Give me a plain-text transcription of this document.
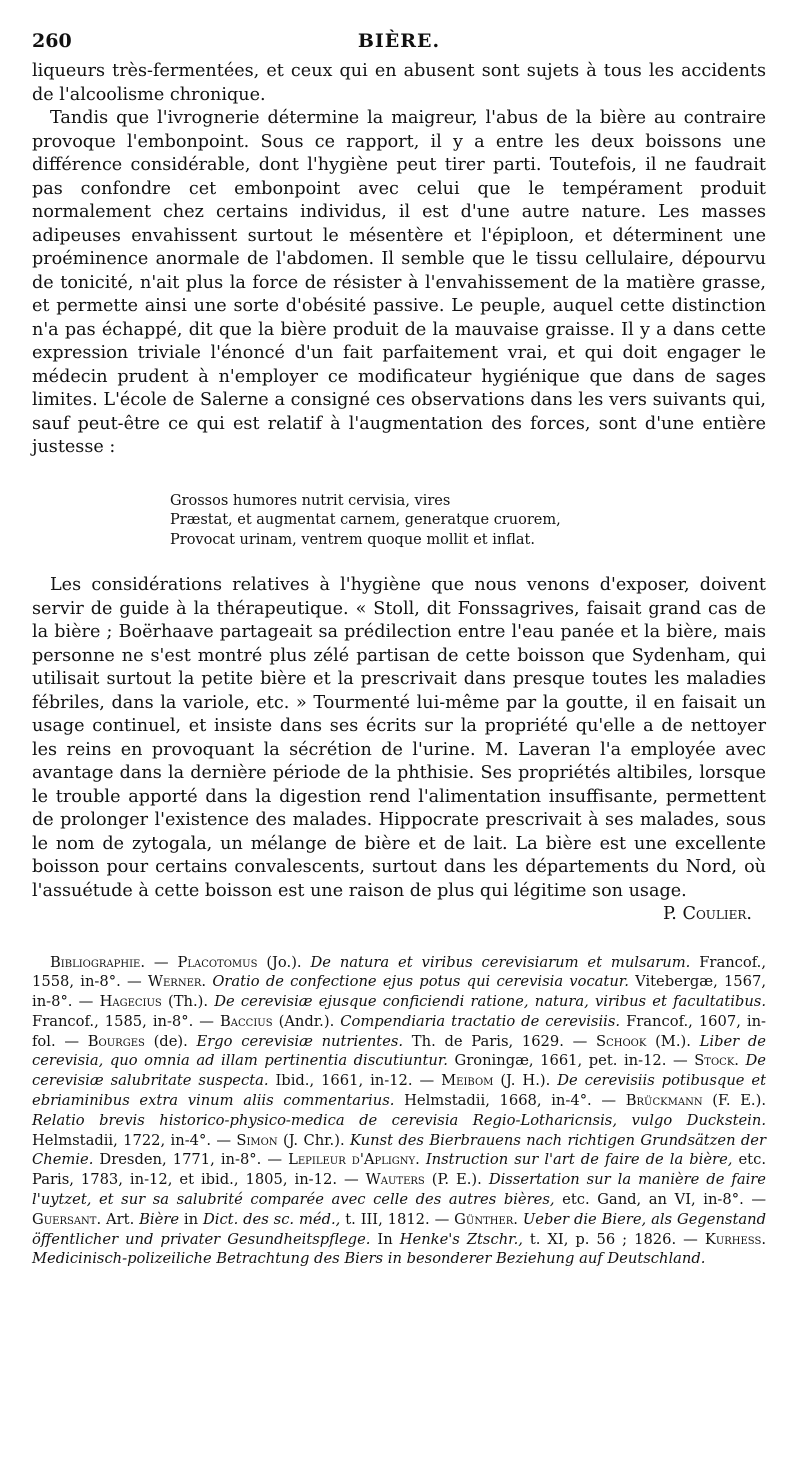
260	BIÈRE.

liqueurs très-fermentées, et ceux qui en abusent sont sujets à tous les accidents de l'alcoolisme chronique.

Tandis que l'ivrognerie détermine la maigreur, l'abus de la bière au contraire provoque l'embonpoint. Sous ce rapport, il y a entre les deux boissons une différence considérable, dont l'hygiène peut tirer parti. Toutefois, il ne faudrait pas confondre cet embonpoint avec celui que le tempérament produit normalement chez certains individus, il est d'une autre nature. Les masses adipeuses envahissent surtout le mésentère et l'épiploon, et déterminent une proéminence anormale de l'abdomen. Il semble que le tissu cellulaire, dépourvu de tonicité, n'ait plus la force de résister à l'envahissement de la matière grasse, et permette ainsi une sorte d'obésité passive. Le peuple, auquel cette distinction n'a pas échappé, dit que la bière produit de la mauvaise graisse. Il y a dans cette expression triviale l'énoncé d'un fait parfaitement vrai, et qui doit engager le médecin prudent à n'employer ce modificateur hygiénique que dans de sages limites. L'école de Salerne a consigné ces observations dans les vers suivants qui, sauf peut-être ce qui est relatif à l'augmentation des forces, sont d'une entière justesse :

Grossos humores nutrit cervisia, vires
Præstat, et augmentat carnem, generatque cruorem,
Provocat urinam, ventrem quoque mollit et inflat.

Les considérations relatives à l'hygiène que nous venons d'exposer, doivent servir de guide à la thérapeutique. « Stoll, dit Fonssagrives, faisait grand cas de la bière ; Boërhaave partageait sa prédilection entre l'eau panée et la bière, mais personne ne s'est montré plus zélé partisan de cette boisson que Sydenham, qui utilisait surtout la petite bière et la prescrivait dans presque toutes les maladies fébriles, dans la variole, etc. » Tourmenté lui-même par la goutte, il en faisait un usage continuel, et insiste dans ses écrits sur la propriété qu'elle a de nettoyer les reins en provoquant la sécrétion de l'urine. M. Laveran l'a employée avec avantage dans la dernière période de la phthisie. Ses propriétés altibiles, lorsque le trouble apporté dans la digestion rend l'alimentation insuffisante, permettent de prolonger l'existence des malades. Hippocrate prescrivait à ses malades, sous le nom de zytogala, un mélange de bière et de lait. La bière est une excellente boisson pour certains convalescents, surtout dans les départements du Nord, où l'assuétude à cette boisson est une raison de plus qui légitime son usage.

P. Coulier.

Bibliographie. — Placotomus (Jo.). De natura et viribus cerevisiarum et mulsarum. Francof., 1558, in-8°. — Werner. Oratio de confectione ejus potus qui cerevisia vocatur. Vitebergæ, 1567, in-8°. — Hagecius (Th.). De cerevisiæ ejusque conficiendi ratione, natura, viribus et facultatibus. Francof., 1585, in-8°. — Baccius (Andr.). Compendiaria tractatio de cerevisiis. Francof., 1607, in-fol. — Bourges (de). Ergo cerevisiæ nutrientes. Th. de Paris, 1629. — Schook (M.). Liber de cerevisia, quo omnia ad illam pertinentia discutiuntur. Groningæ, 1661, pet. in-12. — Stock. De cerevisiæ salubritate suspecta. Ibid., 1661, in-12. — Meibom (J. H.). De cerevisiis potibusque et ebriaminibus extra vinum aliis commentarius. Helmstadii, 1668, in-4°. — Brückmann (F. E.). Relatio brevis historico-physico-medica de cerevisia Regio-Lotharicnsis, vulgo Duckstein. Helmstadii, 1722, in-4°. — Simon (J. Chr.). Kunst des Bierbrauens nach richtigen Grundsätzen der Chemie. Dresden, 1771, in-8°. — Lepileur d'Apligny. Instruction sur l'art de faire de la bière, etc. Paris, 1783, in-12, et ibid., 1805, in-12. — Wauters (P. E.). Dissertation sur la manière de faire l'uytzet, et sur sa salubrité comparée avec celle des autres bières, etc. Gand, an VI, in-8°. — Guersant. Art. Bière in Dict. des sc. méd., t. III, 1812. — Günther. Ueber die Biere, als Gegenstand öffentlicher und privater Gesundheitspflege. In Henke's Ztschr., t. XI, p. 56 ; 1826. — Kurhess. Medicinisch-polizeiliche Betrachtung des Biers in besonderer Beziehung auf Deutschland.
